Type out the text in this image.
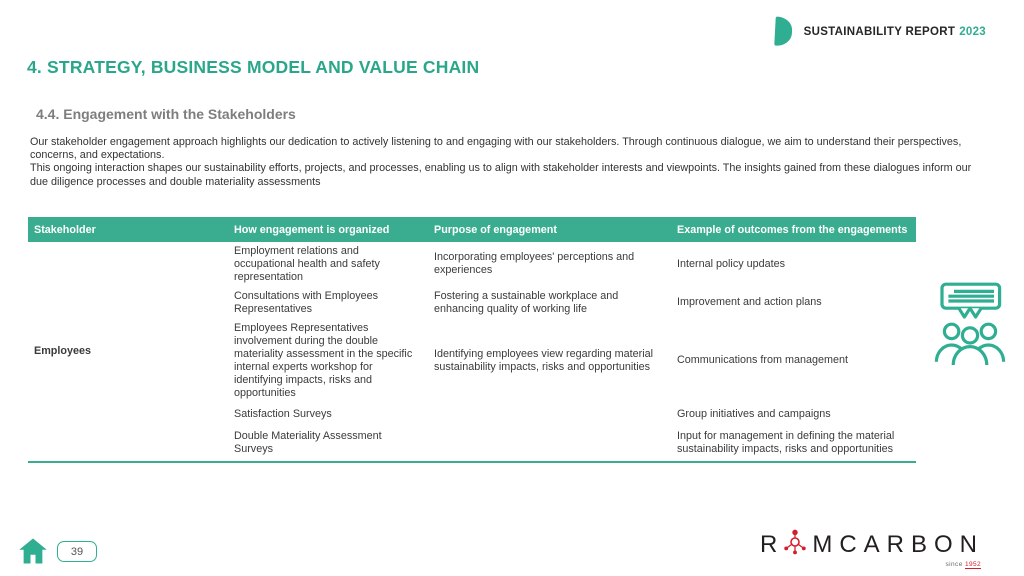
SUSTAINABILITY REPORT 2023
4. STRATEGY, BUSINESS MODEL AND VALUE CHAIN
4.4. Engagement with the Stakeholders
Our stakeholder engagement approach highlights our dedication to actively listening to and engaging with our stakeholders. Through continuous dialogue, we aim to understand their perspectives, concerns, and expectations.
This ongoing interaction shapes our sustainability efforts, projects, and processes, enabling us to align with stakeholder interests and viewpoints. The insights gained from these dialogues inform our due diligence processes and double materiality assessments
Stakeholder	How engagement is organized	Purpose of engagement	Example of outcomes from the engagements
Employees	Employment relations and occupational health and safety representation	Incorporating employees' perceptions and experiences	Internal policy updates
	Consultations with Employees Representatives	Fostering a sustainable workplace and enhancing quality of working life	Improvement and action plans
	Employees Representatives involvement during the double materiality assessment in the specific internal experts workshop for identifying impacts, risks and opportunities	Identifying employees view regarding material sustainability impacts, risks and opportunities	Communications from management
	Satisfaction Surveys		Group initiatives and campaigns
	Double Materiality Assessment Surveys		Input for management in defining the material sustainability impacts, risks and opportunities
39	R MCARBON
since 1952
